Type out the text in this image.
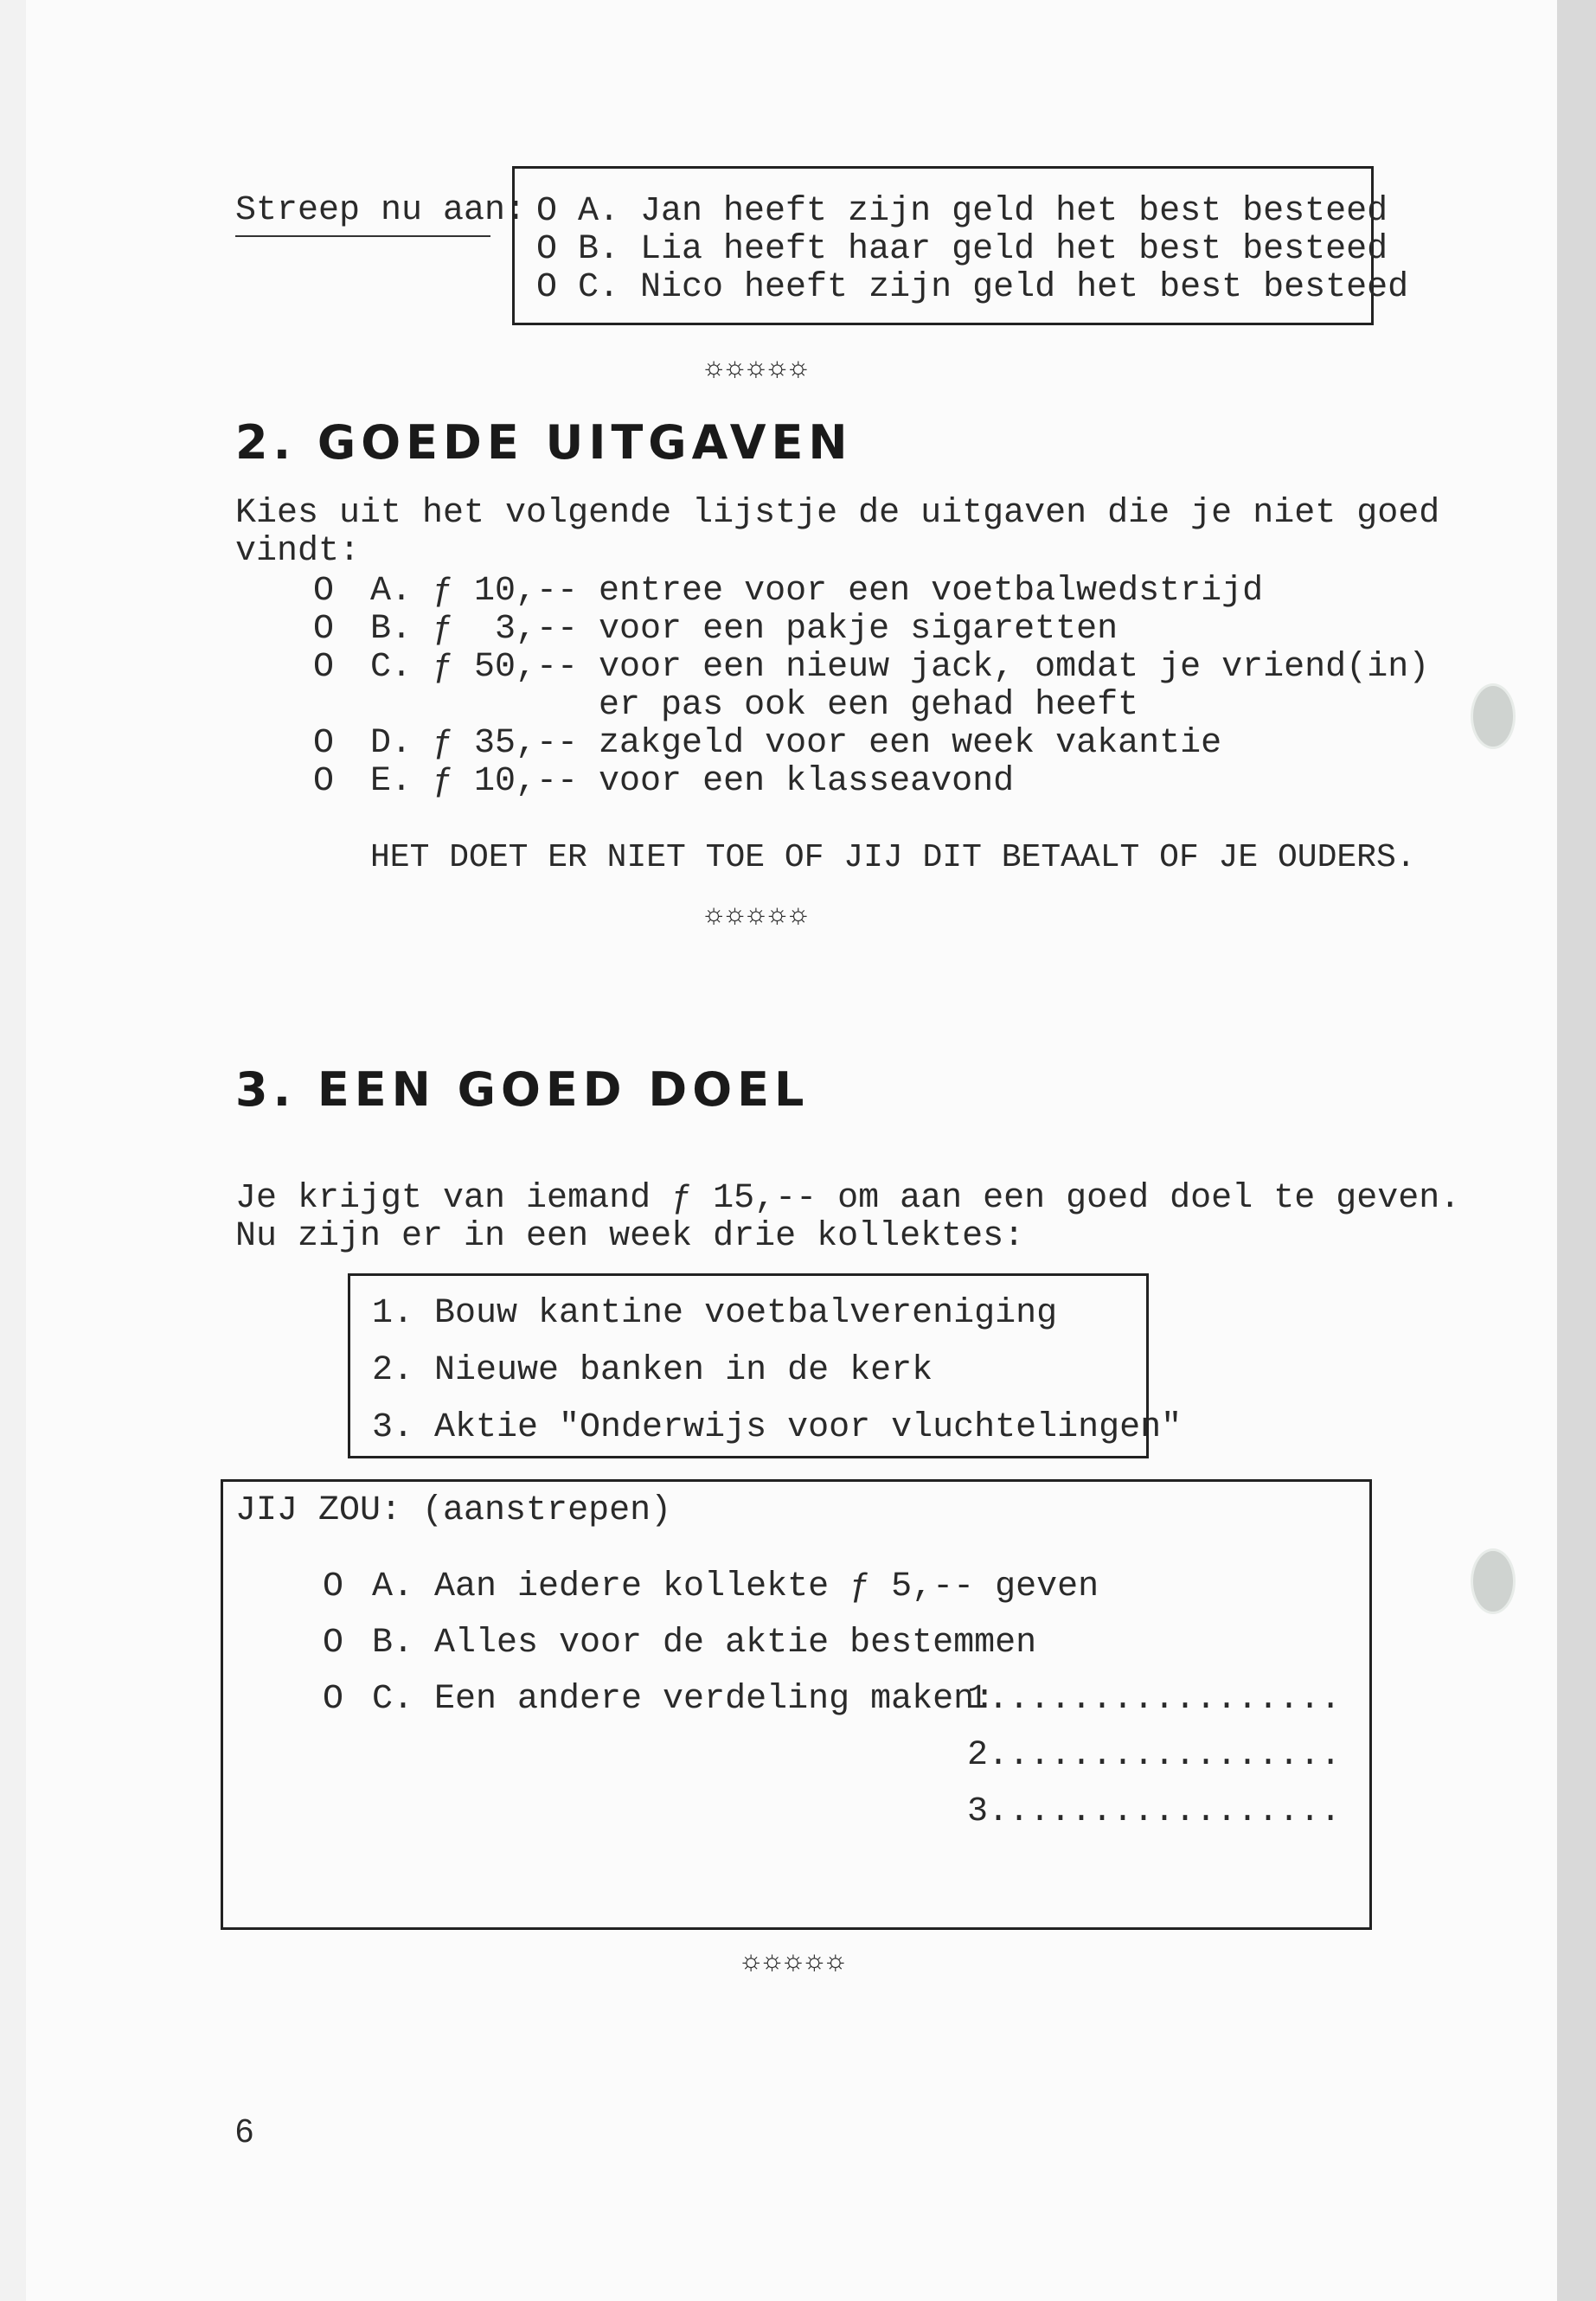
Streep nu aan: O A. Jan heeft zijn geld het best besteed
O B. Lia heeft haar geld het best besteed
O C. Nico heeft zijn geld het best besteed
☼☼☼☼☼
2. GOEDE UITGAVEN
Kies uit het volgende lijstje de uitgaven die je niet goed
vindt:
O A. ƒ 10,-- entree voor een voetbalwedstrijd
O B. ƒ  3,-- voor een pakje sigaretten
O C. ƒ 50,-- voor een nieuw jack, omdat je vriend(in)
er pas ook een gehad heeft
O D. ƒ 35,-- zakgeld voor een week vakantie
O E. ƒ 10,-- voor een klasseavond
HET DOET ER NIET TOE OF JIJ DIT BETAALT OF JE OUDERS.
☼☼☼☼☼
3. EEN GOED DOEL
Je krijgt van iemand ƒ 15,-- om aan een goed doel te geven.
Nu zijn er in een week drie kollektes:
1. Bouw kantine voetbalvereniging
2. Nieuwe banken in de kerk
3. Aktie "Onderwijs voor vluchtelingen"
JIJ ZOU: (aanstrepen)
O A. Aan iedere kollekte ƒ 5,-- geven
O B. Alles voor de aktie bestemmen
O C. Een andere verdeling maken:
1.................
2.................
3.................
☼☼☼☼☼
6
